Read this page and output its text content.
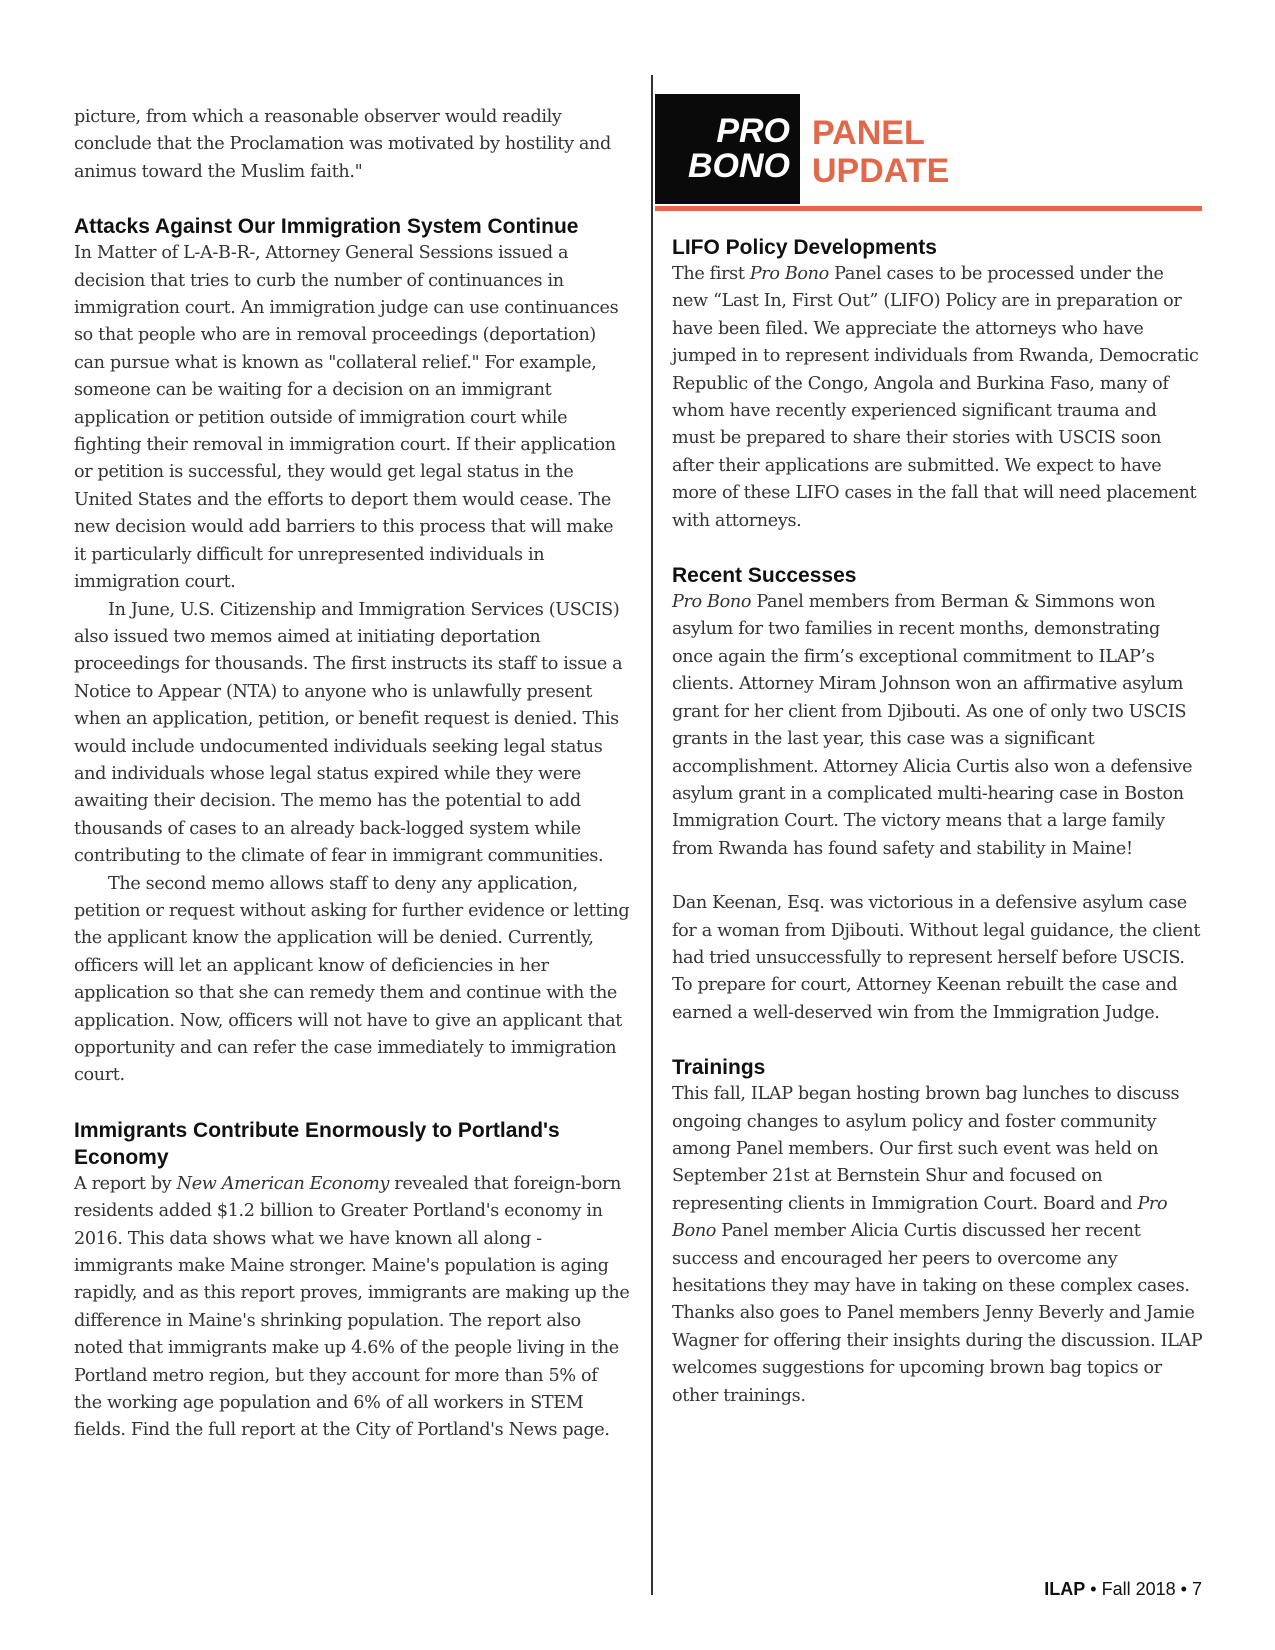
picture, from which a reasonable observer would readily conclude that the Proclamation was motivated by hostility and animus toward the Muslim faith."

Attacks Against Our Immigration System Continue

In Matter of L-A-B-R-, Attorney General Sessions issued a decision that tries to curb the number of continuances in immigration court. An immigration judge can use continuances so that people who are in removal proceedings (deportation) can pursue what is known as "collateral relief." For example, someone can be waiting for a decision on an immigrant application or petition outside of immigration court while fighting their removal in immigration court. If their application or petition is successful, they would get legal status in the United States and the efforts to deport them would cease. The new decision would add barriers to this process that will make it particularly difficult for unrepresented individuals in immigration court.

In June, U.S. Citizenship and Immigration Services (USCIS) also issued two memos aimed at initiating deportation proceedings for thousands. The first instructs its staff to issue a Notice to Appear (NTA) to anyone who is unlawfully present when an application, petition, or benefit request is denied. This would include undocumented individuals seeking legal status and individuals whose legal status expired while they were awaiting their decision. The memo has the potential to add thousands of cases to an already back-logged system while contributing to the climate of fear in immigrant communities.

The second memo allows staff to deny any application, petition or request without asking for further evidence or letting the applicant know the application will be denied. Currently, officers will let an applicant know of deficiencies in her application so that she can remedy them and continue with the application. Now, officers will not have to give an applicant that opportunity and can refer the case immediately to immigration court.

Immigrants Contribute Enormously to Portland's Economy

A report by New American Economy revealed that foreign-born residents added $1.2 billion to Greater Portland's economy in 2016. This data shows what we have known all along - immigrants make Maine stronger. Maine's population is aging rapidly, and as this report proves, immigrants are making up the difference in Maine's shrinking population. The report also noted that immigrants make up 4.6% of the people living in the Portland metro region, but they account for more than 5% of the working age population and 6% of all workers in STEM fields. Find the full report at the City of Portland's News page.

PRO
BONO
PANEL
UPDATE
LIFO Policy Developments

The first Pro Bono Panel cases to be processed under the new “Last In, First Out” (LIFO) Policy are in preparation or have been filed. We appreciate the attorneys who have jumped in to represent individuals from Rwanda, Democratic Republic of the Congo, Angola and Burkina Faso, many of whom have recently experienced significant trauma and must be prepared to share their stories with USCIS soon after their applications are submitted. We expect to have more of these LIFO cases in the fall that will need placement with attorneys.

Recent Successes

Pro Bono Panel members from Berman & Simmons won asylum for two families in recent months, demonstrating once again the firm’s exceptional commitment to ILAP’s clients. Attorney Miram Johnson won an affirmative asylum grant for her client from Djibouti. As one of only two USCIS grants in the last year, this case was a significant accomplishment. Attorney Alicia Curtis also won a defensive asylum grant in a complicated multi-hearing case in Boston Immigration Court. The victory means that a large family from Rwanda has found safety and stability in Maine!

Dan Keenan, Esq. was victorious in a defensive asylum case for a woman from Djibouti. Without legal guidance, the client had tried unsuccessfully to represent herself before USCIS. To prepare for court, Attorney Keenan rebuilt the case and earned a well-deserved win from the Immigration Judge.

Trainings

This fall, ILAP began hosting brown bag lunches to discuss ongoing changes to asylum policy and foster community among Panel members. Our first such event was held on September 21st at Bernstein Shur and focused on representing clients in Immigration Court. Board and Pro Bono Panel member Alicia Curtis discussed her recent success and encouraged her peers to overcome any hesitations they may have in taking on these complex cases. Thanks also goes to Panel members Jenny Beverly and Jamie Wagner for offering their insights during the discussion. ILAP welcomes suggestions for upcoming brown bag topics or other trainings.

ILAP • Fall 2018 • 7
